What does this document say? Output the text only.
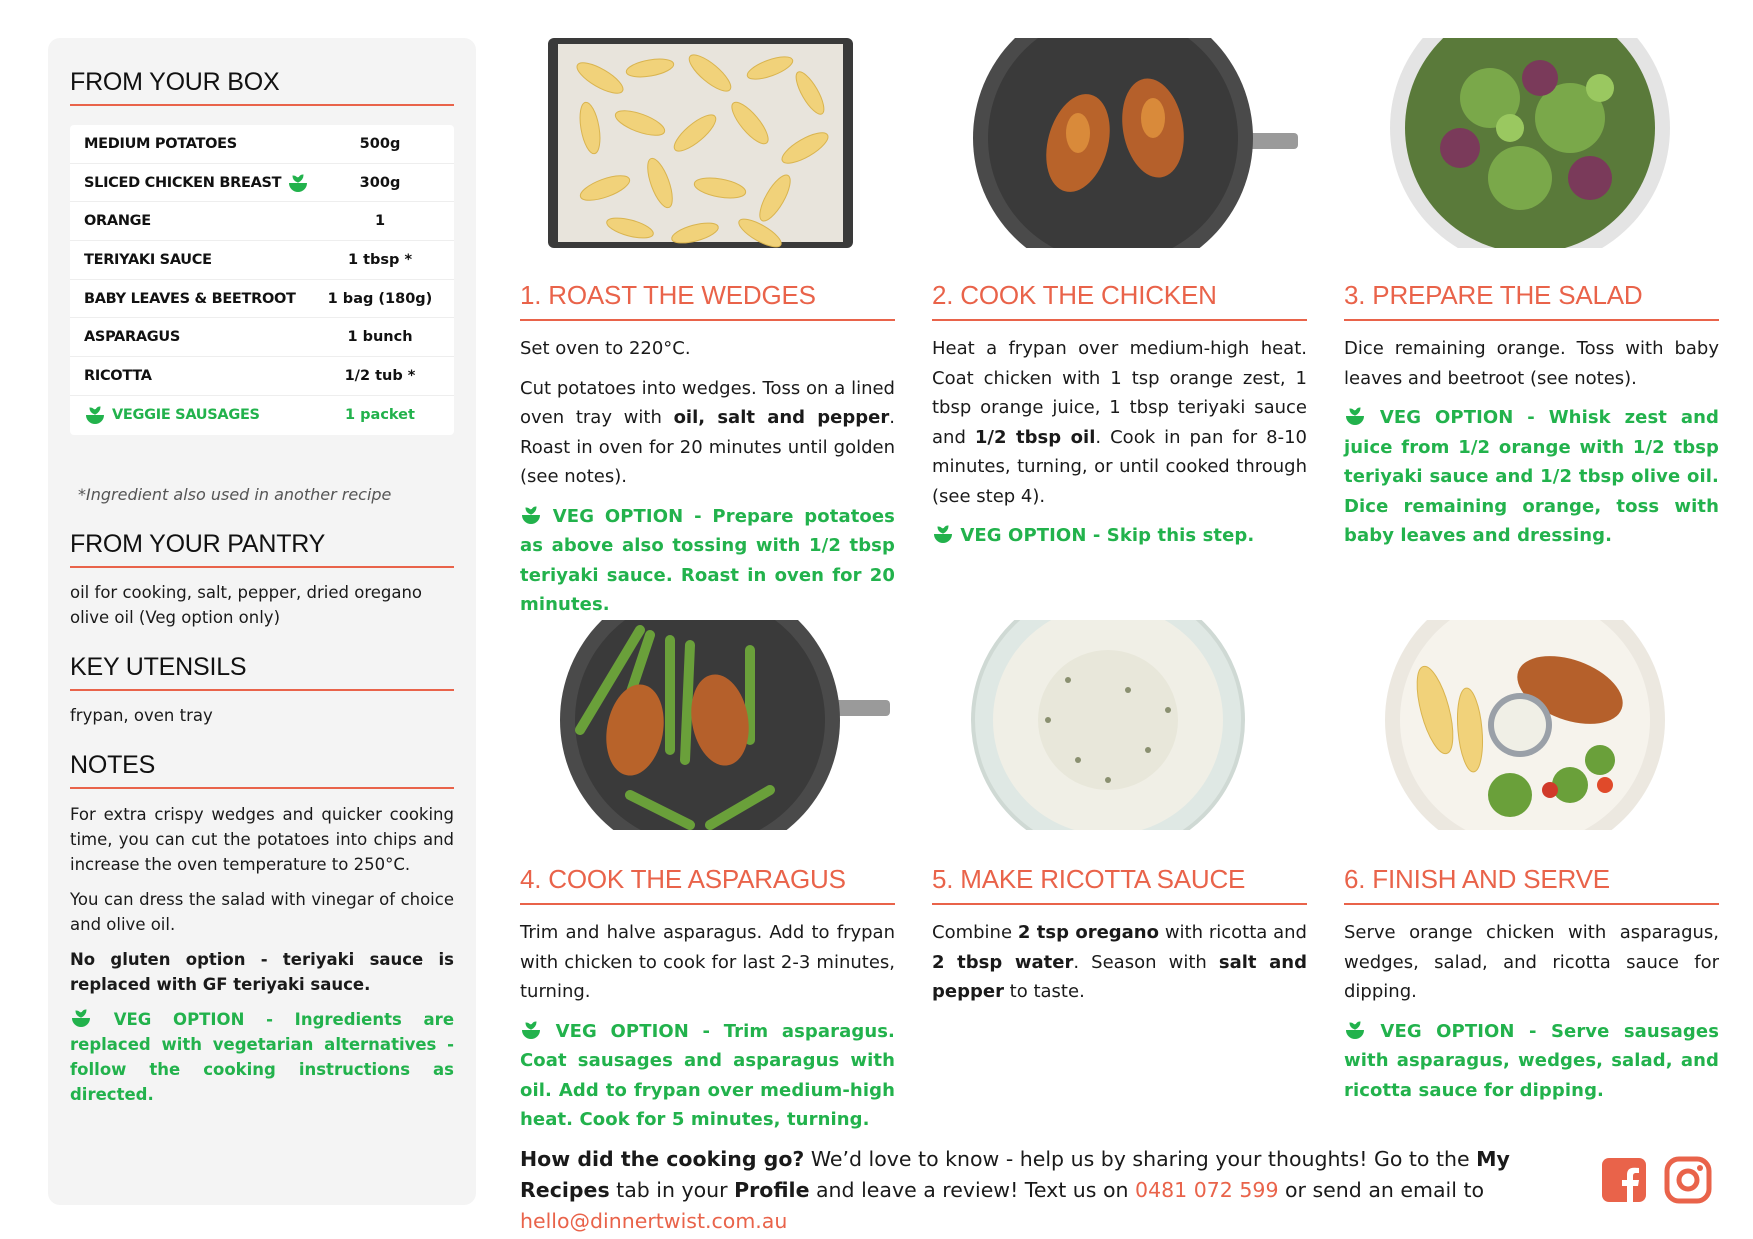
FROM YOUR BOX
MEDIUM POTATOES	500g
SLICED CHICKEN BREAST	300g
ORANGE	1
TERIYAKI SAUCE	1 tbsp *
BABY LEAVES & BEETROOT	1 bag (180g)
ASPARAGUS	1 bunch
RICOTTA	1/2 tub *
VEGGIE SAUSAGES	1 packet
*Ingredient also used in another recipe
FROM YOUR PANTRY
oil for cooking, salt, pepper, dried oregano
olive oil (Veg option only)
KEY UTENSILS
frypan, oven tray
NOTES

For extra crispy wedges and quicker cooking time, you can cut the potatoes into chips and increase the oven temperature to 250°C.

You can dress the salad with vinegar of choice and olive oil.

No gluten option - teriyaki sauce is replaced with GF teriyaki sauce.

VEG OPTION - Ingredients are replaced with vegetarian alternatives - follow the cooking instructions as directed.

1. ROAST THE WEDGES	2. COOK THE CHICKEN	3. PREPARE THE SALAD
4. COOK THE ASPARAGUS	5. MAKE RICOTTA SAUCE	6. FINISH AND SERVE

Set oven to 220°C.

Cut potatoes into wedges. Toss on a lined oven tray with oil, salt and pepper. Roast in oven for 20 minutes until golden (see notes).

VEG OPTION - Prepare potatoes as above also tossing with 1/2 tbsp teriyaki sauce. Roast in oven for 20 minutes.

Heat a frypan over medium-high heat. Coat chicken with 1 tsp orange zest, 1 tbsp orange juice, 1 tbsp teriyaki sauce and 1/2 tbsp oil. Cook in pan for 8-10 minutes, turning, or until cooked through (see step 4).

VEG OPTION - Skip this step.

Dice remaining orange. Toss with baby leaves and beetroot (see notes).

VEG OPTION - Whisk zest and juice from 1/2 orange with 1/2 tbsp teriyaki sauce and 1/2 tbsp olive oil. Dice remaining orange, toss with baby leaves and dressing.

Trim and halve asparagus. Add to frypan with chicken to cook for last 2-3 minutes, turning.

VEG OPTION - Trim asparagus. Coat sausages and asparagus with oil. Add to frypan over medium-high heat. Cook for 5 minutes, turning.

Combine 2 tsp oregano with ricotta and 2 tbsp water. Season with salt and pepper to taste.

Serve orange chicken with asparagus, wedges, salad, and ricotta sauce for dipping.

VEG OPTION - Serve sausages with asparagus, wedges, salad, and ricotta sauce for dipping.

How did the cooking go? We’d love to know - help us by sharing your thoughts! Go to the My Recipes tab in your Profile and leave a review! Text us on 0481 072 599 or send an email to hello@dinnertwist.com.au
